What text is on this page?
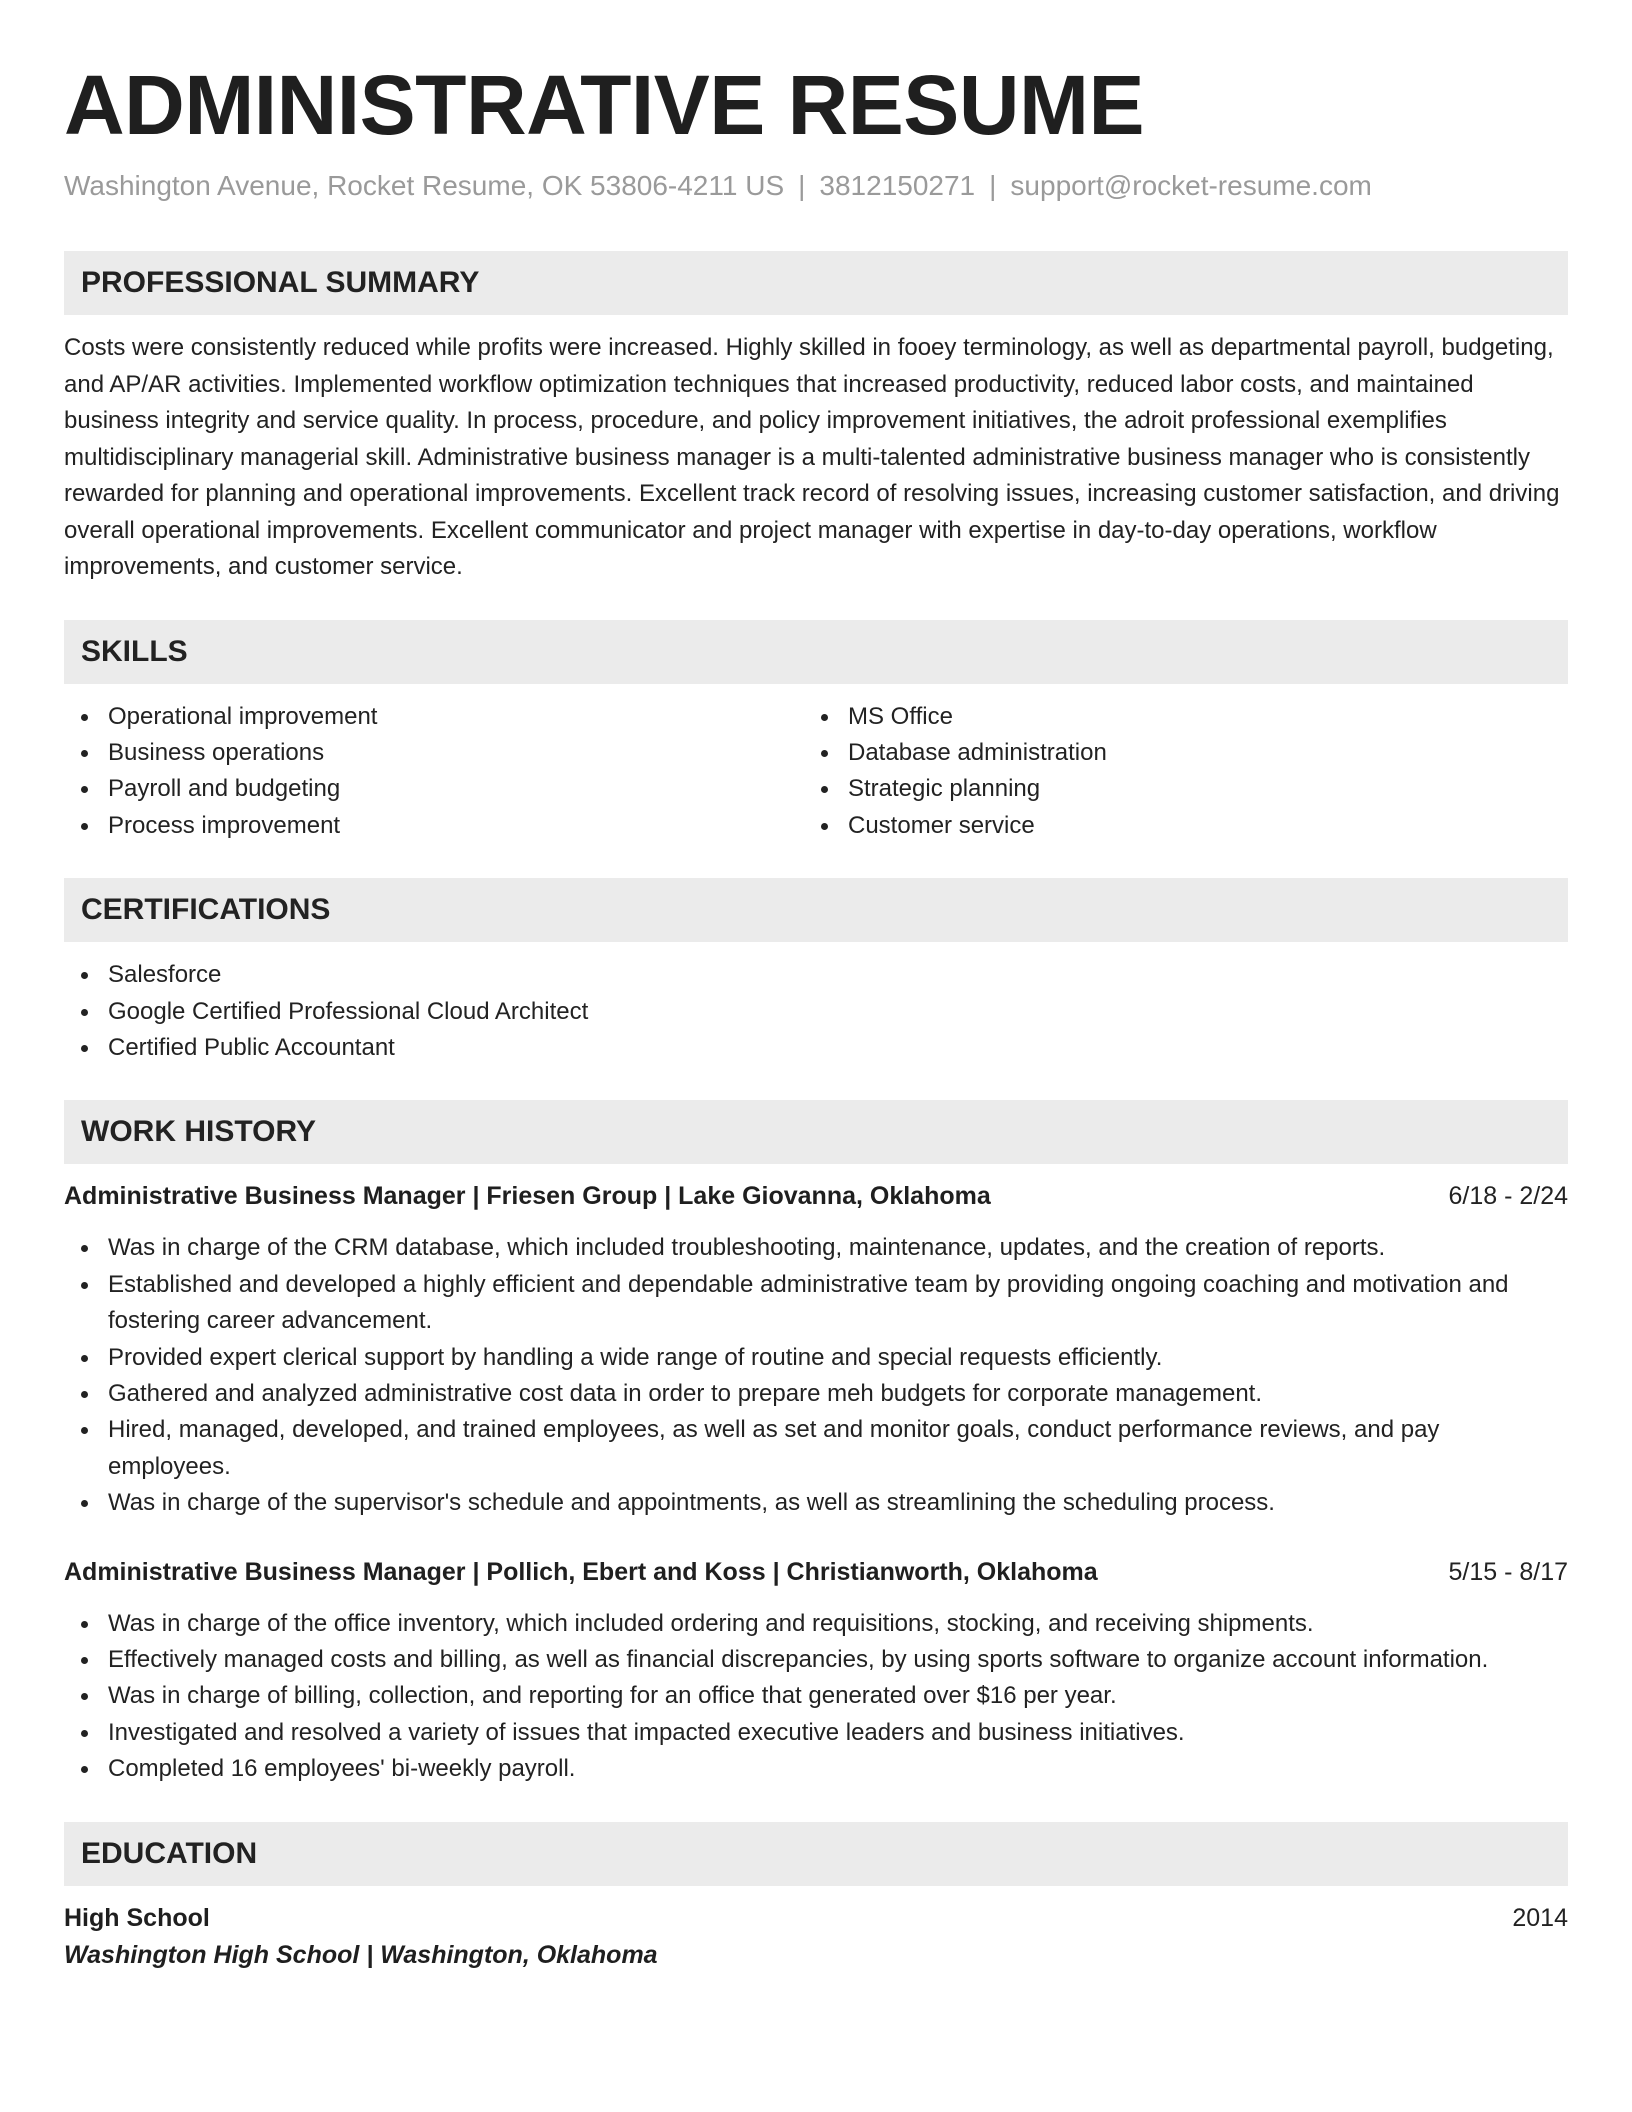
ADMINISTRATIVE RESUME
Washington Avenue, Rocket Resume, OK 53806-4211 US | 3812150271 | support@rocket-resume.com
PROFESSIONAL SUMMARY

Costs were consistently reduced while profits were increased. Highly skilled in fooey terminology, as well as departmental payroll, budgeting, and AP/AR activities. Implemented workflow optimization techniques that increased productivity, reduced labor costs, and maintained business integrity and service quality. In process, procedure, and policy improvement initiatives, the adroit professional exemplifies multidisciplinary managerial skill. Administrative business manager is a multi-talented administrative business manager who is consistently rewarded for planning and operational improvements. Excellent track record of resolving issues, increasing customer satisfaction, and driving overall operational improvements. Excellent communicator and project manager with expertise in day-to-day operations, workflow improvements, and customer service.

SKILLS
Operational improvement
Business operations
Payroll and budgeting
Process improvement
MS Office
Database administration
Strategic planning
Customer service
CERTIFICATIONS
Salesforce
Google Certified Professional Cloud Architect
Certified Public Accountant
WORK HISTORY
Administrative Business Manager | Friesen Group | Lake Giovanna, Oklahoma	6/18 - 2/24
Was in charge of the CRM database, which included troubleshooting, maintenance, updates, and the creation of reports.
Established and developed a highly efficient and dependable administrative team by providing ongoing coaching and motivation and fostering career advancement.
Provided expert clerical support by handling a wide range of routine and special requests efficiently.
Gathered and analyzed administrative cost data in order to prepare meh budgets for corporate management.
Hired, managed, developed, and trained employees, as well as set and monitor goals, conduct performance reviews, and pay employees.
Was in charge of the supervisor's schedule and appointments, as well as streamlining the scheduling process.
Administrative Business Manager | Pollich, Ebert and Koss | Christianworth, Oklahoma	5/15 - 8/17
Was in charge of the office inventory, which included ordering and requisitions, stocking, and receiving shipments.
Effectively managed costs and billing, as well as financial discrepancies, by using sports software to organize account information.
Was in charge of billing, collection, and reporting for an office that generated over $16 per year.
Investigated and resolved a variety of issues that impacted executive leaders and business initiatives.
Completed 16 employees' bi-weekly payroll.
EDUCATION
High School	2014
Washington High School | Washington, Oklahoma
